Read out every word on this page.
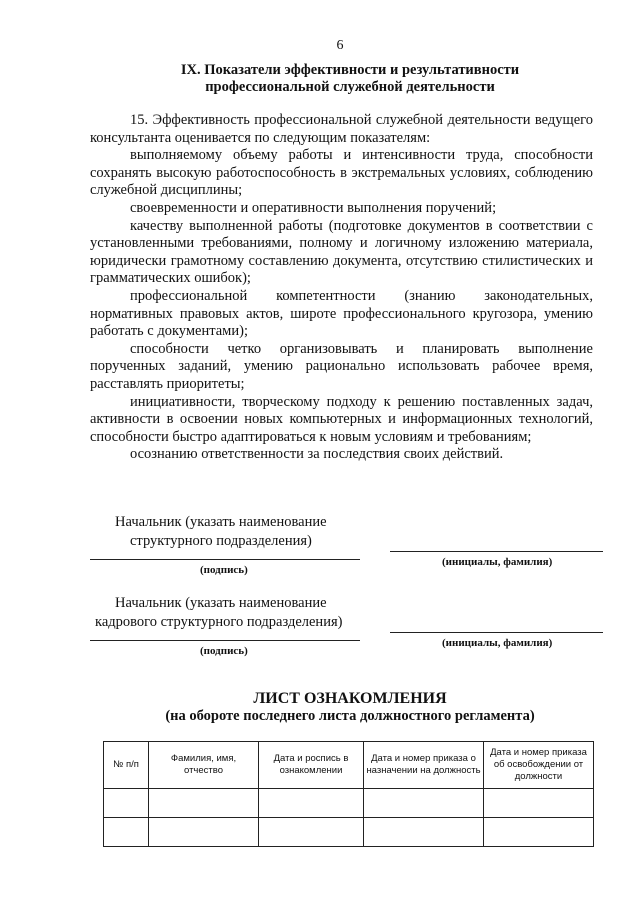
6
IX. Показатели эффективности и результативности
профессиональной служебной деятельности

15. Эффективность профессиональной служебной деятельности ведущего консультанта оценивается по следующим показателям:

выполняемому объему работы и интенсивности труда, способности сохранять высокую работоспособность в экстремальных условиях, соблюдению служебной дисциплины;

своевременности и оперативности выполнения поручений;

качеству выполненной работы (подготовке документов в соответствии с установленными требованиями, полному и логичному изложению материала, юридически грамотному составлению документа, отсутствию стилистических и грамматических ошибок);

профессиональной компетентности (знанию законодательных, нормативных правовых актов, широте профессионального кругозора, умению работать с документами);

способности четко организовывать и планировать выполнение порученных заданий, умению рационально использовать рабочее время, расставлять приоритеты;

инициативности, творческому подходу к решению поставленных задач, активности в освоении новых компьютерных и информационных технологий, способности быстро адаптироваться к новым условиям и требованиям;

осознанию ответственности за последствия своих действий.

Начальник (указать наименование
структурного подразделения)
(подпись)
(инициалы, фамилия)
Начальник (указать наименование
кадрового структурного подразделения)
(подпись)
(инициалы, фамилия)
ЛИСТ ОЗНАКОМЛЕНИЯ
(на обороте последнего листа должностного регламента)
№ п/п	Фамилия, имя, отчество	Дата и роспись в ознакомлении	Дата и номер приказа о назначении на должность	Дата и номер приказа об освобождении от должности
